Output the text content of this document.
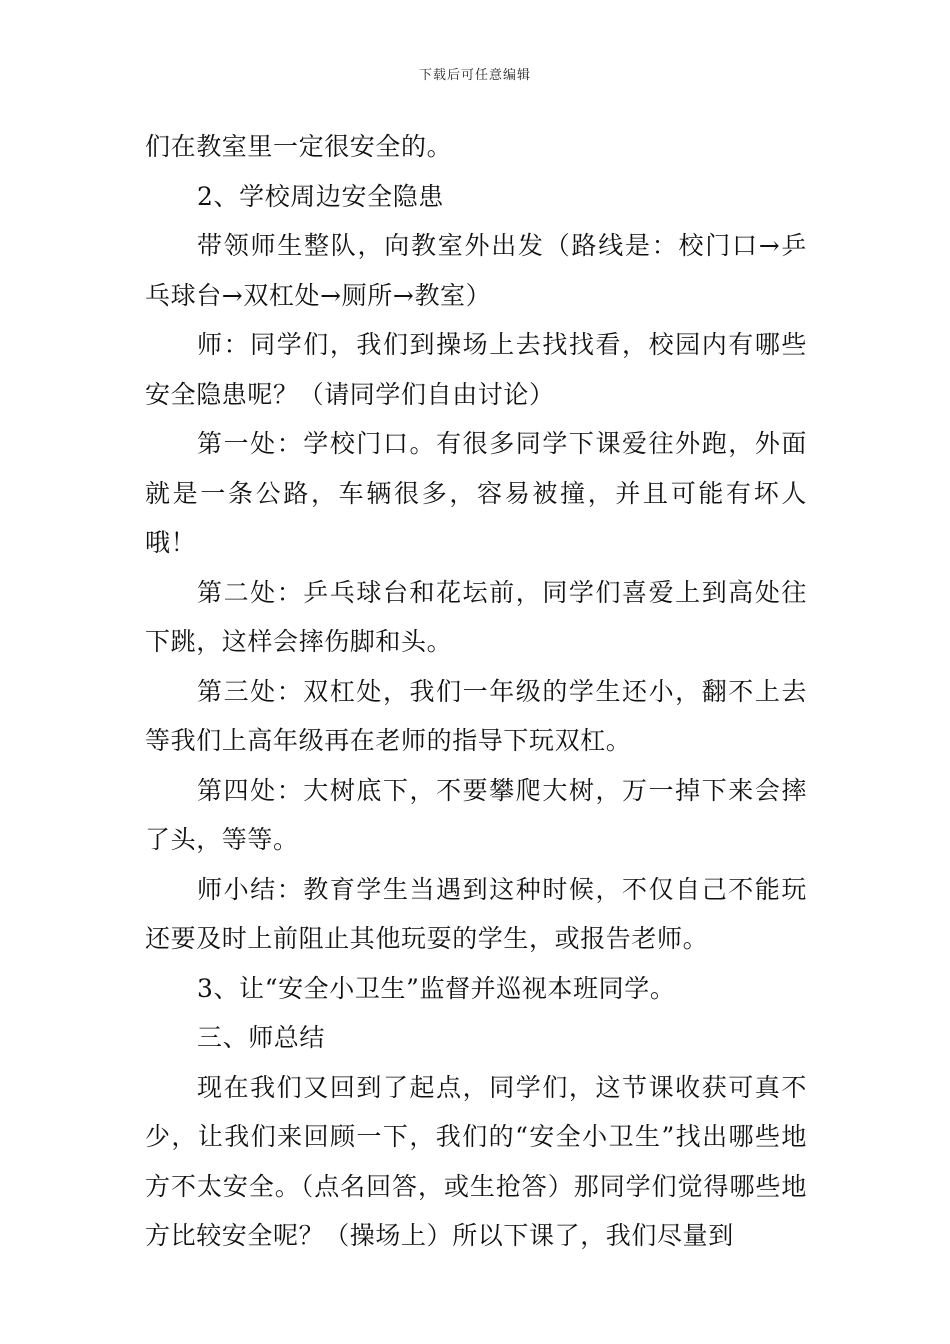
下载后可任意编辑

们在教室里一定很安全的。

2、学校周边安全隐患

带领师生整队，向教室外出发（路线是：校门口→乒乓球台→双杠处→厕所→教室）

师：同学们，我们到操场上去找找看，校园内有哪些安全隐患呢？（请同学们自由讨论）

第一处：学校门口。有很多同学下课爱往外跑，外面就是一条公路，车辆很多，容易被撞，并且可能有坏人哦！

第二处：乒乓球台和花坛前，同学们喜爱上到高处往下跳，这样会摔伤脚和头。

第三处：双杠处，我们一年级的学生还小，翻不上去等我们上高年级再在老师的指导下玩双杠。

第四处：大树底下，不要攀爬大树，万一掉下来会摔了头，等等。

师小结：教育学生当遇到这种时候，不仅自己不能玩还要及时上前阻止其他玩耍的学生，或报告老师。

3、让“安全小卫生”监督并巡视本班同学。

三、师总结

现在我们又回到了起点，同学们，这节课收获可真不少，让我们来回顾一下，我们的“安全小卫生”找出哪些地方不太安全。（点名回答，或生抢答）那同学们觉得哪些地方比较安全呢？（操场上）所以下课了，我们尽量到
